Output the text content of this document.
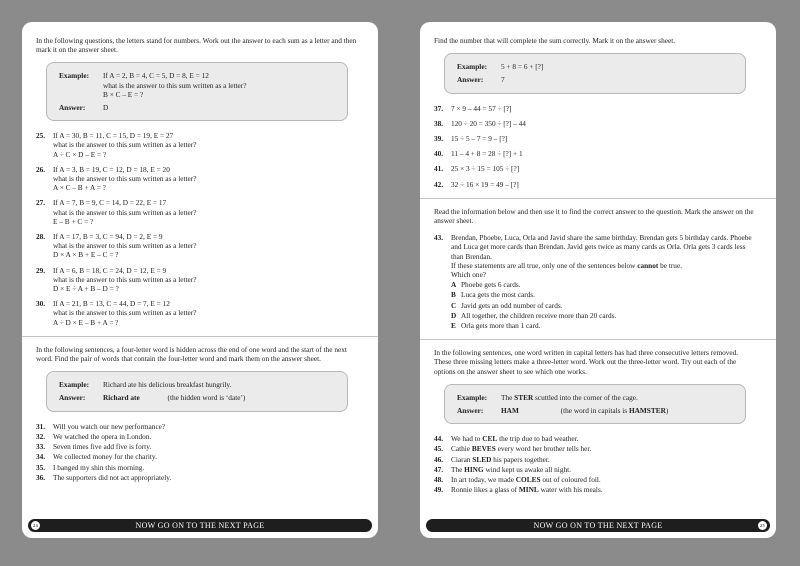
In the following questions, the letters stand for numbers. Work out the answer to each sum as a letter and then mark it on the answer sheet.

Example:	If A = 2, B = 4, C = 5, D = 8, E = 12
what is the answer to this sum written as a letter?
B × C – E = ?
Answer:	D
25.	If A = 30, B = 11, C = 15, D = 19, E = 27
what is the answer to this sum written as a letter?
A ÷ C × D – E = ?
26.	If A = 3, B = 19, C = 12, D = 18, E = 20
what is the answer to this sum written as a letter?
A × C – B + A = ?
27.	If A = 7, B = 9, C = 14, D = 22, E = 17
what is the answer to this sum written as a letter?
E – B + C = ?
28.	If A = 17, B = 3, C = 94, D = 2, E = 9
what is the answer to this sum written as a letter?
D × A × B + E – C = ?
29.	If A = 6, B = 18, C = 24, D = 12, E = 9
what is the answer to this sum written as a letter?
D × E ÷ A + B – D = ?
30.	If A = 21, B = 13, C = 44, D = 7, E = 12
what is the answer to this sum written as a letter?
A ÷ D × E – B + A = ?

In the following sentences, a four-letter word is hidden across the end of one word and the start of the next word. Find the pair of words that contain the four-letter word and mark them on the answer sheet.

Example:	Richard ate his delicious breakfast hungrily.
Answer:	Richard ate	(the hidden word is ‘date’)
31.	Will you watch our new performance?
32.	We watched the opera in London.
33.	Seven times five add five is forty.
34.	We collected money for the charity.
35.	I banged my shin this morning.
36.	The supporters did not act appropriately.
24	NOW GO ON TO THE NEXT PAGE

Find the number that will complete the sum correctly. Mark it on the answer sheet.

Example:	5 + 8 = 6 + [?]
Answer:	7
37.	7 × 9 – 44 = 57 ÷ [?]
38.	120 ÷ 20 = 350 ÷ [?] – 44
39.	15 ÷ 5 – 7 = 9 – [?]
40.	11 – 4 + 8 = 28 ÷ [?] + 1
41.	25 × 3 ÷ 15 = 105 ÷ [?]
42.	32 ÷ 16 × 19 = 49 – [?]

Read the information below and then use it to find the correct answer to the question. Mark the answer on the answer sheet.

43.	Brendan, Phoebe, Luca, Orla and Javid share the same birthday. Brendan gets 5 birthday cards. Phoebe and Luca get more cards than Brendan. Javid gets twice as many cards as Orla. Orla gets 3 cards less than Brendan.

If these statements are all true, only one of the sentences below cannot be true.

Which one?

A Phoebe gets 6 cards.
B Luca gets the most cards.
C Javid gets an odd number of cards.
D All together, the children receive more than 20 cards.
E Orla gets more than 1 card.

In the following sentences, one word written in capital letters has had three consecutive letters removed. These three missing letters make a three-letter word. Work out the three-letter word. Try out each of the options on the answer sheet to see which one works.

Example:	The STER scuttled into the corner of the cage.
Answer:	HAM	(the word in capitals is HAMSTER)
44.	We had to CEL the trip due to bad weather.
45.	Cathie BEVES every word her brother tells her.
46.	Ciaran SLED his papers together.
47.	The HING wind kept us awake all night.
48.	In art today, we made COLES out of coloured foil.
49.	Ronnie likes a glass of MINL water with his meals.
NOW GO ON TO THE NEXT PAGE	25
